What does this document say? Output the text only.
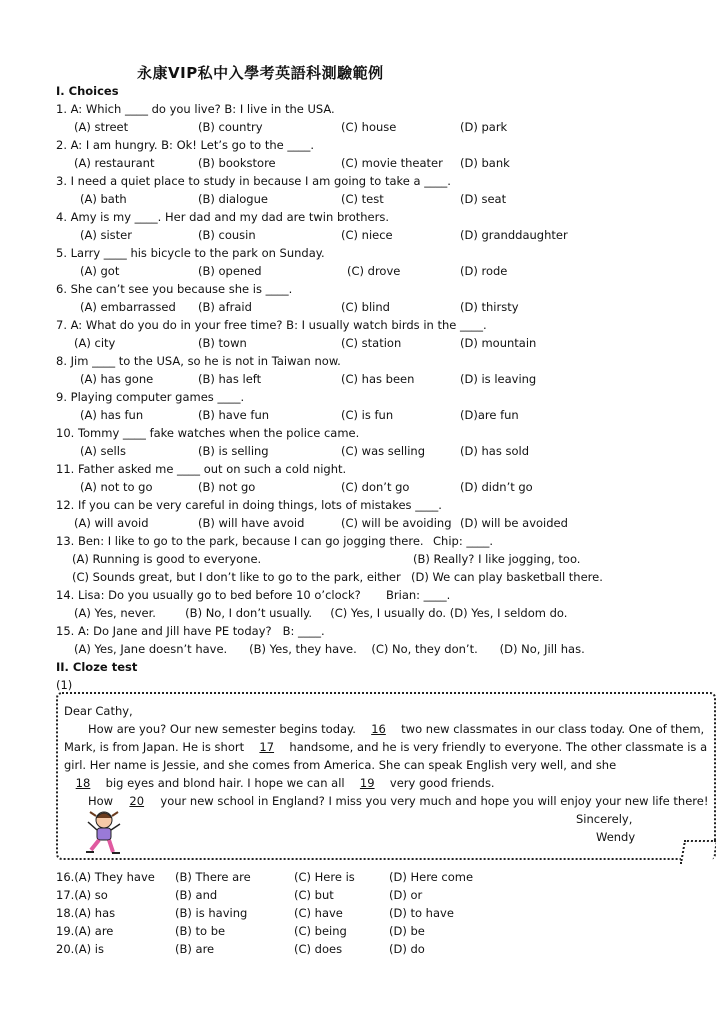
永康VIP私中入學考英語科測驗範例
I. Choices
1. A: Which ____ do you live? B: I live in the USA.
(A) street	(B) country	(C) house	(D) park
2. A: I am hungry. B: Ok! Let’s go to the ____.
(A) restaurant	(B) bookstore	(C) movie theater (D) bank
3. I need a quiet place to study in because I am going to take a ____.
(A) bath	(B) dialogue	(C) test	(D) seat
4. Amy is my ____. Her dad and my dad are twin brothers.
(A) sister	(B) cousin	(C) niece	(D) granddaughter
5. Larry ____ his bicycle to the park on Sunday.
(A) got	(B) opened	(C) drove	(D) rode
6. She can’t see you because she is ____.
(A) embarrassed (B) afraid	(C) blind	(D) thirsty
7. A: What do you do in your free time? B: I usually watch birds in the ____.
(A) city	(B) town	(C) station	(D) mountain
8. Jim ____ to the USA, so he is not in Taiwan now.
(A) has gone	(B) has left	(C) has been	(D) is leaving
9. Playing computer games ____.
(A) has fun	(B) have fun	(C) is fun	(D)are fun
10. Tommy ____ fake watches when the police came.
(A) sells	(B) is selling	(C) was selling	(D) has sold
11. Father asked me ____ out on such a cold night.
(A) not to go	(B) not go	(C) don’t go	(D) didn’t go
12. If you can be very careful in doing things, lots of mistakes ____.
(A) will avoid	(B) will have avoid	(C) will be avoiding (D) will be avoided
13. Ben: I like to go to the park, because I can go jogging there. Chip: ____.
(A) Running is good to everyone.	(B) Really? I like jogging, too.
(C) Sounds great, but I don’t like to go to the park, either (D) We can play basketball there.
14. Lisa: Do you usually go to bed before 10 o’clock? Brian: ____.
(A) Yes, never.        (B) No, I don’t usually.     (C) Yes, I usually do. (D) Yes, I seldom do.
15. A: Do Jane and Jill have PE today?   B: ____.
(A) Yes, Jane doesn’t have.      (B) Yes, they have.    (C) No, they don’t.      (D) No, Jill has.
II. Cloze test
(1)
Dear Cathy,
How are you? Our new semester begins today. 16 two new classmates in our class today. One of them,
Mark, is from Japan. He is short 17 handsome, and he is very friendly to everyone. The other classmate is a
girl. Her name is Jessie, and she comes from America. She can speak English very well, and she
18 big eyes and blond hair. I hope we can all 19 very good friends.
How 20 your new school in England? I miss you very much and hope you will enjoy your new life there!
Sincerely,
Wendy
16.(A) They have (B) There are	(C) Here is	(D) Here come
17.(A) so	(B) and	(C) but	(D) or
18.(A) has	(B) is having	(C) have	(D) to have
19.(A) are	(B) to be	(C) being	(D) be
20.(A) is	(B) are	(C) does	(D) do
